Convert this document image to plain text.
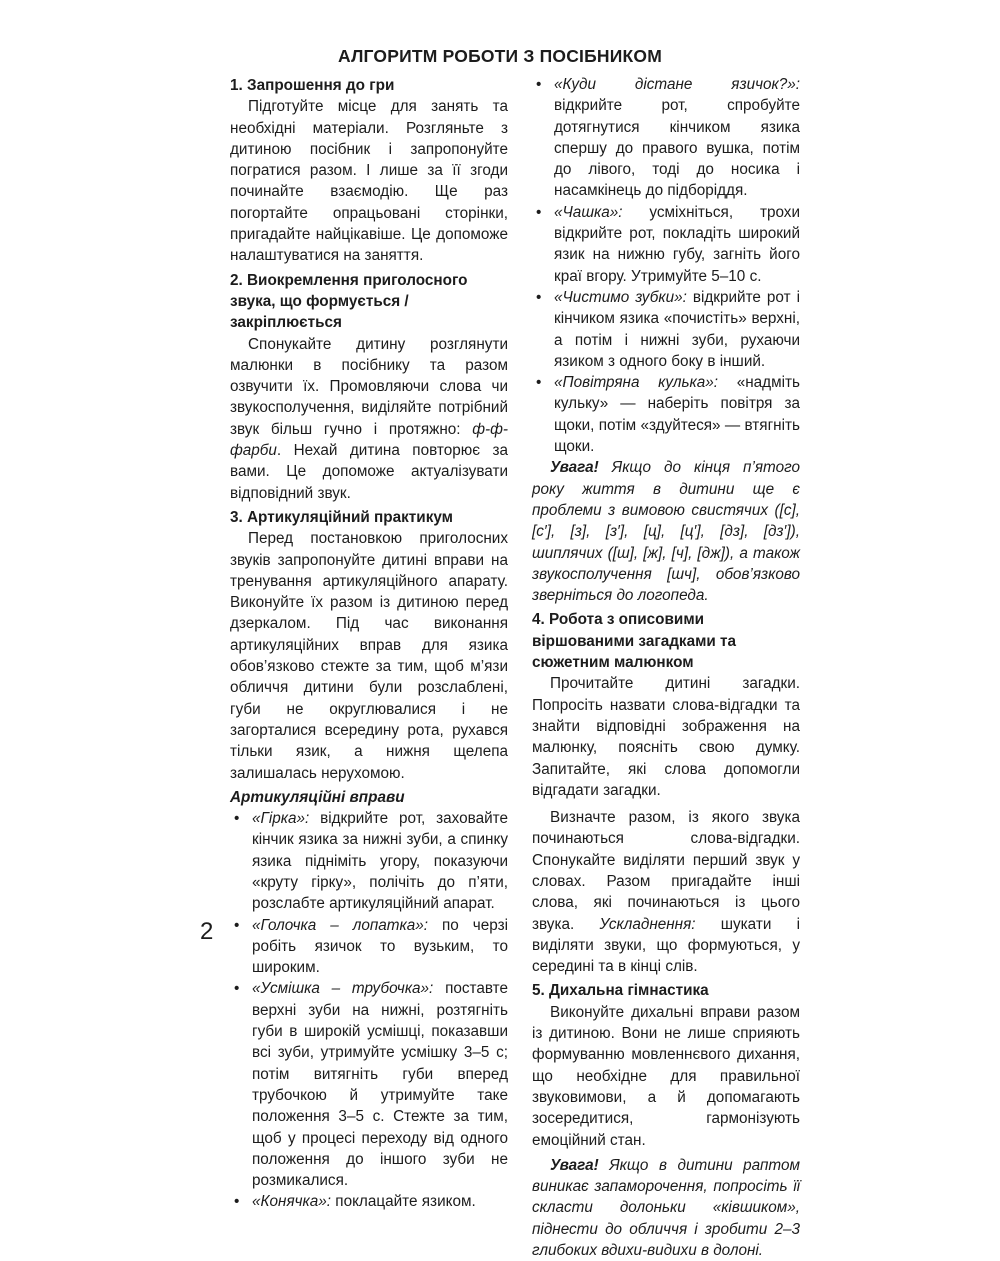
АЛГОРИТМ РОБОТИ З ПОСІБНИКОМ

1. Запрошення до гри

Підготуйте місце для занять та необхідні матеріали. Розгляньте з дитиною посібник і запропонуйте погратися разом. І лише за її згоди починайте взаємодію. Ще раз погортайте опрацьовані сторінки, пригадайте найцікавіше. Це допоможе налаштуватися на заняття.

2. Виокремлення приголосного звука, що формується / закріплюється

Спонукайте дитину розглянути малюнки в посібнику та разом озвучити їх. Промовляючи слова чи звукосполучення, виділяйте потрібний звук більш гучно і протяжно: ф-ф-фарби. Нехай дитина повторює за вами. Це допоможе актуалізувати відповідний звук.

3. Артикуляційний практикум

Перед постановкою приголосних звуків запропонуйте дитині вправи на тренування артикуляційного апарату. Виконуйте їх разом із дитиною перед дзеркалом. Під час виконання артикуляційних вправ для язика обов’язково стежте за тим, щоб м’язи обличчя дитини були розслаблені, губи не округлювалися і не загорталися всередину рота, рухався тільки язик, а нижня щелепа залишалась нерухомою.

Артикуляційні вправи

• «Гірка»: відкрийте рот, заховайте кінчик язика за нижні зуби, а спинку язика підніміть угору, показуючи «круту гірку», полічіть до п’яти, розслабте артикуляційний апарат.
• «Голочка – лопатка»: по черзі робіть язичок то вузьким, то широким.
• «Усмішка – трубочка»: поставте верхні зуби на нижні, розтягніть губи в широкій усмішці, показавши всі зуби, утримуйте усмішку 3–5 с; потім витягніть губи вперед трубочкою й утримуйте таке положення 3–5 с. Стежте за тим, щоб у процесі переходу від одного положення до іншого зуби не розмикалися.
• «Конячка»: поклацайте язиком.
• «Куди дістане язичок?»: відкрийте рот, спробуйте дотягнутися кінчиком язика спершу до правого вушка, потім до лівого, тоді до носика і насамкінець до підборіддя.
• «Чашка»: усміхніться, трохи відкрийте рот, покладіть широкий язик на нижню губу, загніть його краї вгору. Утримуйте 5–10 с.
• «Чистимо зубки»: відкрийте рот і кінчиком язика «почистіть» верхні, а потім і нижні зуби, рухаючи язиком з одного боку в інший.
• «Повітряна кулька»: «надміть кульку» — наберіть повітря за щоки, потім «здуйтеся» — втягніть щоки.

Увага! Якщо до кінця п’ятого року життя в дитини ще є проблеми з вимовою свистячих ([с], [с′], [з], [з′], [ц], [ц′], [дз], [дз′]), шиплячих ([ш], [ж], [ч], [дж]), а також звукосполучення [шч], обов’язково зверніться до логопеда.

4. Робота з описовими віршованими загадками та сюжетним малюнком

Прочитайте дитині загадки. Попросіть назвати слова-відгадки та знайти відповідні зображення на малюнку, поясніть свою думку. Запитайте, які слова допомогли відгадати загадки.

Визначте разом, із якого звука починаються слова-відгадки. Спонукайте виділяти перший звук у словах. Разом пригадайте інші слова, які починаються із цього звука. Ускладнення: шукати і виділяти звуки, що формуються, у середині та в кінці слів.

5. Дихальна гімнастика

Виконуйте дихальні вправи разом із дитиною. Вони не лише сприяють формуванню мовленнєвого дихання, що необхідне для правильної звуковимови, а й допомагають зосередитися, гармонізують емоційний стан.

Увага! Якщо в дитини раптом виникає запаморочення, попросіть її скласти долоньки «ківшиком», піднести до обличчя і зробити 2–3 глибоких вдихи-видихи в долоні.

2
